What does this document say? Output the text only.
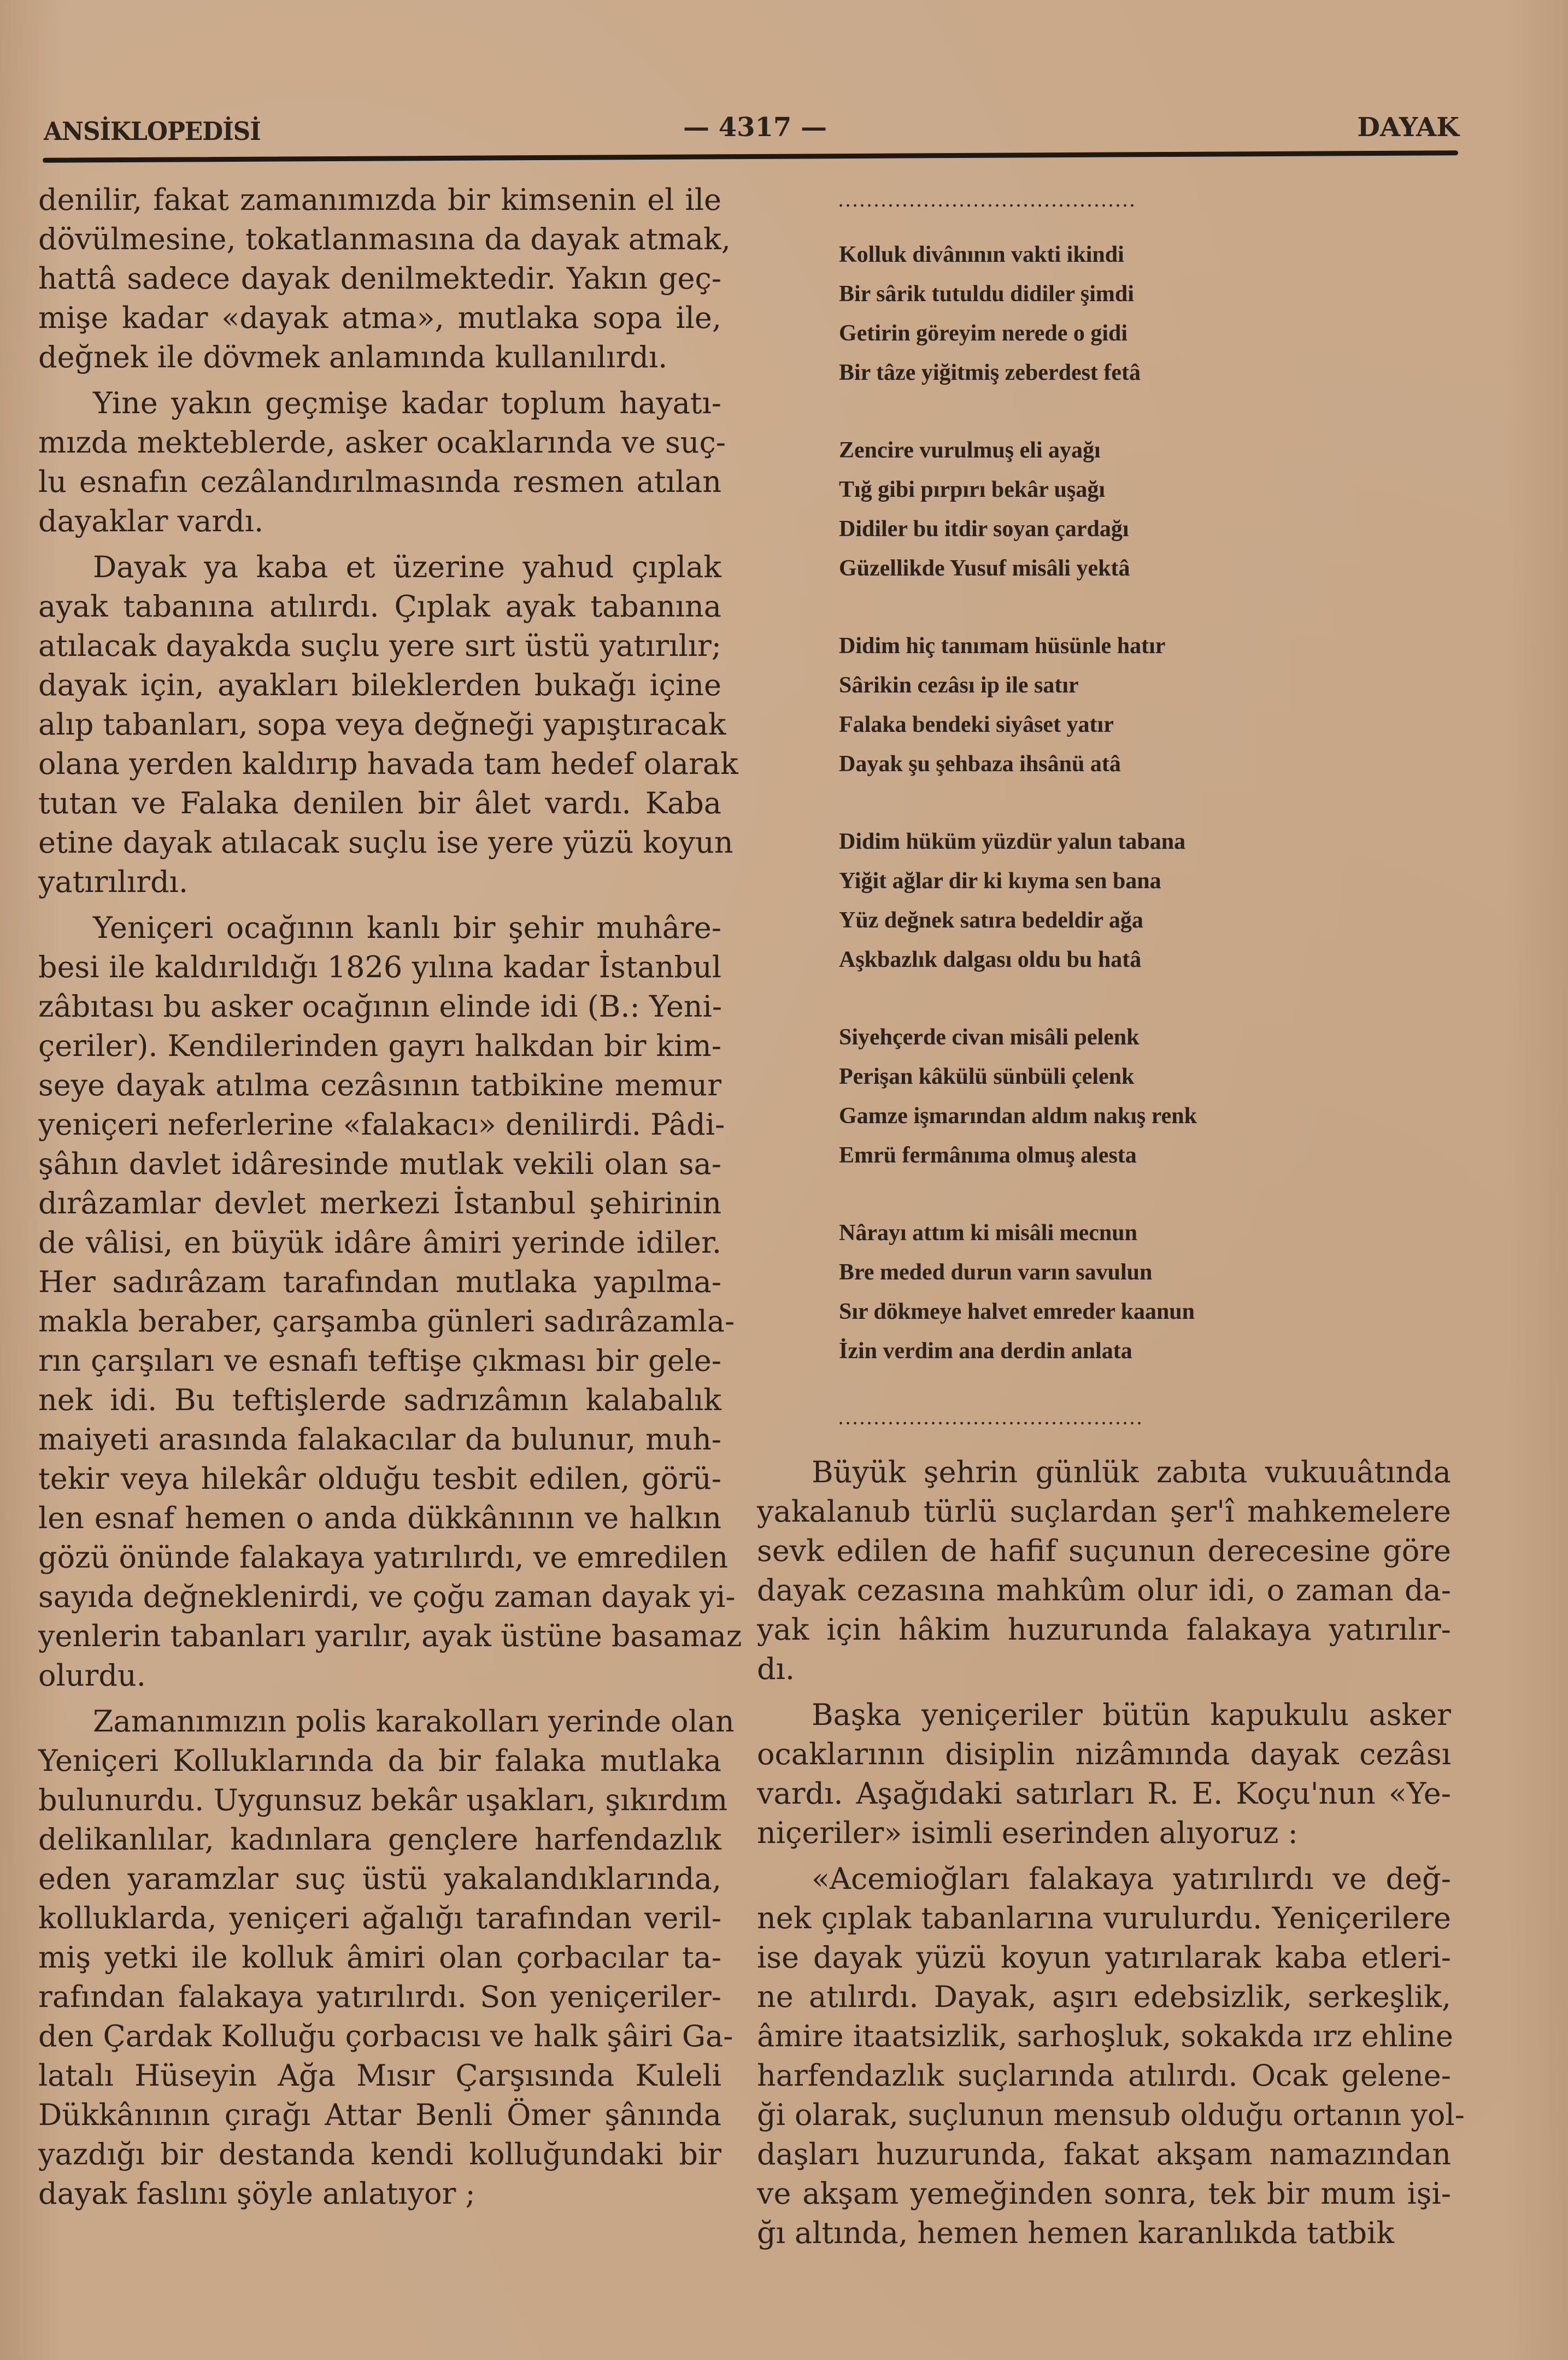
ANSİKLOPEDİSİ	— 4317 —	DAYAK

denilir, fakat zamanımızda bir kimsenin el ile
dövülmesine, tokatlanmasına da dayak atmak,
hattâ sadece dayak denilmektedir. Yakın geç-
mişe kadar «dayak atma», mutlaka sopa ile,
değnek ile dövmek anlamında kullanılırdı.

Yine yakın geçmişe kadar toplum hayatı-
mızda mekteblerde, asker ocaklarında ve suç-
lu esnafın cezâlandırılmasında resmen atılan
dayaklar vardı.

Dayak ya kaba et üzerine yahud çıplak
ayak tabanına atılırdı. Çıplak ayak tabanına
atılacak dayakda suçlu yere sırt üstü yatırılır;
dayak için, ayakları bileklerden bukağı içine
alıp tabanları, sopa veya değneği yapıştıracak
olana yerden kaldırıp havada tam hedef olarak
tutan ve Falaka denilen bir âlet vardı. Kaba
etine dayak atılacak suçlu ise yere yüzü koyun
yatırılırdı.

Yeniçeri ocağının kanlı bir şehir muhâre-
besi ile kaldırıldığı 1826 yılına kadar İstanbul
zâbıtası bu asker ocağının elinde idi (B.: Yeni-
çeriler). Kendilerinden gayrı halkdan bir kim-
seye dayak atılma cezâsının tatbikine memur
yeniçeri neferlerine «falakacı» denilirdi. Pâdi-
şâhın davlet idâresinde mutlak vekili olan sa-
dırâzamlar devlet merkezi İstanbul şehirinin
de vâlisi, en büyük idâre âmiri yerinde idiler.
Her sadırâzam tarafından mutlaka yapılma-
makla beraber, çarşamba günleri sadırâzamla-
rın çarşıları ve esnafı teftişe çıkması bir gele-
nek idi. Bu teftişlerde sadrızâmın kalabalık
maiyeti arasında falakacılar da bulunur, muh-
tekir veya hilekâr olduğu tesbit edilen, görü-
len esnaf hemen o anda dükkânının ve halkın
gözü önünde falakaya yatırılırdı, ve emredilen
sayıda değneklenirdi, ve çoğu zaman dayak yi-
yenlerin tabanları yarılır, ayak üstüne basamaz
olurdu.

Zamanımızın polis karakolları yerinde olan
Yeniçeri Kolluklarında da bir falaka mutlaka
bulunurdu. Uygunsuz bekâr uşakları, şıkırdım
delikanlılar, kadınlara gençlere harfendazlık
eden yaramzlar suç üstü yakalandıklarında,
kolluklarda, yeniçeri ağalığı tarafından veril-
miş yetki ile kolluk âmiri olan çorbacılar ta-
rafından falakaya yatırılırdı. Son yeniçeriler-
den Çardak Kolluğu çorbacısı ve halk şâiri Ga-
latalı Hüseyin Ağa Mısır Çarşısında Kuleli
Dükkânının çırağı Attar Benli Ömer şânında
yazdığı bir destanda kendi kolluğundaki bir
dayak faslını şöyle anlatıyor ;

..........................................
Kolluk divânının vakti ikindi
Bir sârik tutuldu didiler şimdi
Getirin göreyim nerede o gidi
Bir tâze yiğitmiş zeberdest fetâ
Zencire vurulmuş eli ayağı
Tığ gibi pırpırı bekâr uşağı
Didiler bu itdir soyan çardağı
Güzellikde Yusuf misâli yektâ
Didim hiç tanımam hüsünle hatır
Sârikin cezâsı ip ile satır
Falaka bendeki siyâset yatır
Dayak şu şehbaza ihsânü atâ
Didim hüküm yüzdür yalun tabana
Yiğit ağlar dir ki kıyma sen bana
Yüz değnek satıra bedeldir ağa
Aşkbazlık dalgası oldu bu hatâ
Siyehçerde civan misâli pelenk
Perişan kâkülü sünbüli çelenk
Gamze işmarından aldım nakış renk
Emrü fermânıma olmuş alesta
Nârayı attım ki misâli mecnun
Bre meded durun varın savulun
Sır dökmeye halvet emreder kaanun
İzin verdim ana derdin anlata
...........................................

Büyük şehrin günlük zabıta vukuuâtında
yakalanub türlü suçlardan şer'î mahkemelere
sevk edilen de hafif suçunun derecesine göre
dayak cezasına mahkûm olur idi, o zaman da-
yak için hâkim huzurunda falakaya yatırılır-
dı.

Başka yeniçeriler bütün kapukulu asker
ocaklarının disiplin nizâmında dayak cezâsı
vardı. Aşağıdaki satırları R. E. Koçu'nun «Ye-
niçeriler» isimli eserinden alıyoruz :

«Acemioğları falakaya yatırılırdı ve değ-
nek çıplak tabanlarına vurulurdu. Yeniçerilere
ise dayak yüzü koyun yatırılarak kaba etleri-
ne atılırdı. Dayak, aşırı edebsizlik, serkeşlik,
âmire itaatsizlik, sarhoşluk, sokakda ırz ehline
harfendazlık suçlarında atılırdı. Ocak gelene-
ği olarak, suçlunun mensub olduğu ortanın yol-
daşları huzurunda, fakat akşam namazından
ve akşam yemeğinden sonra, tek bir mum işi-
ğı altında, hemen hemen karanlıkda tatbik
